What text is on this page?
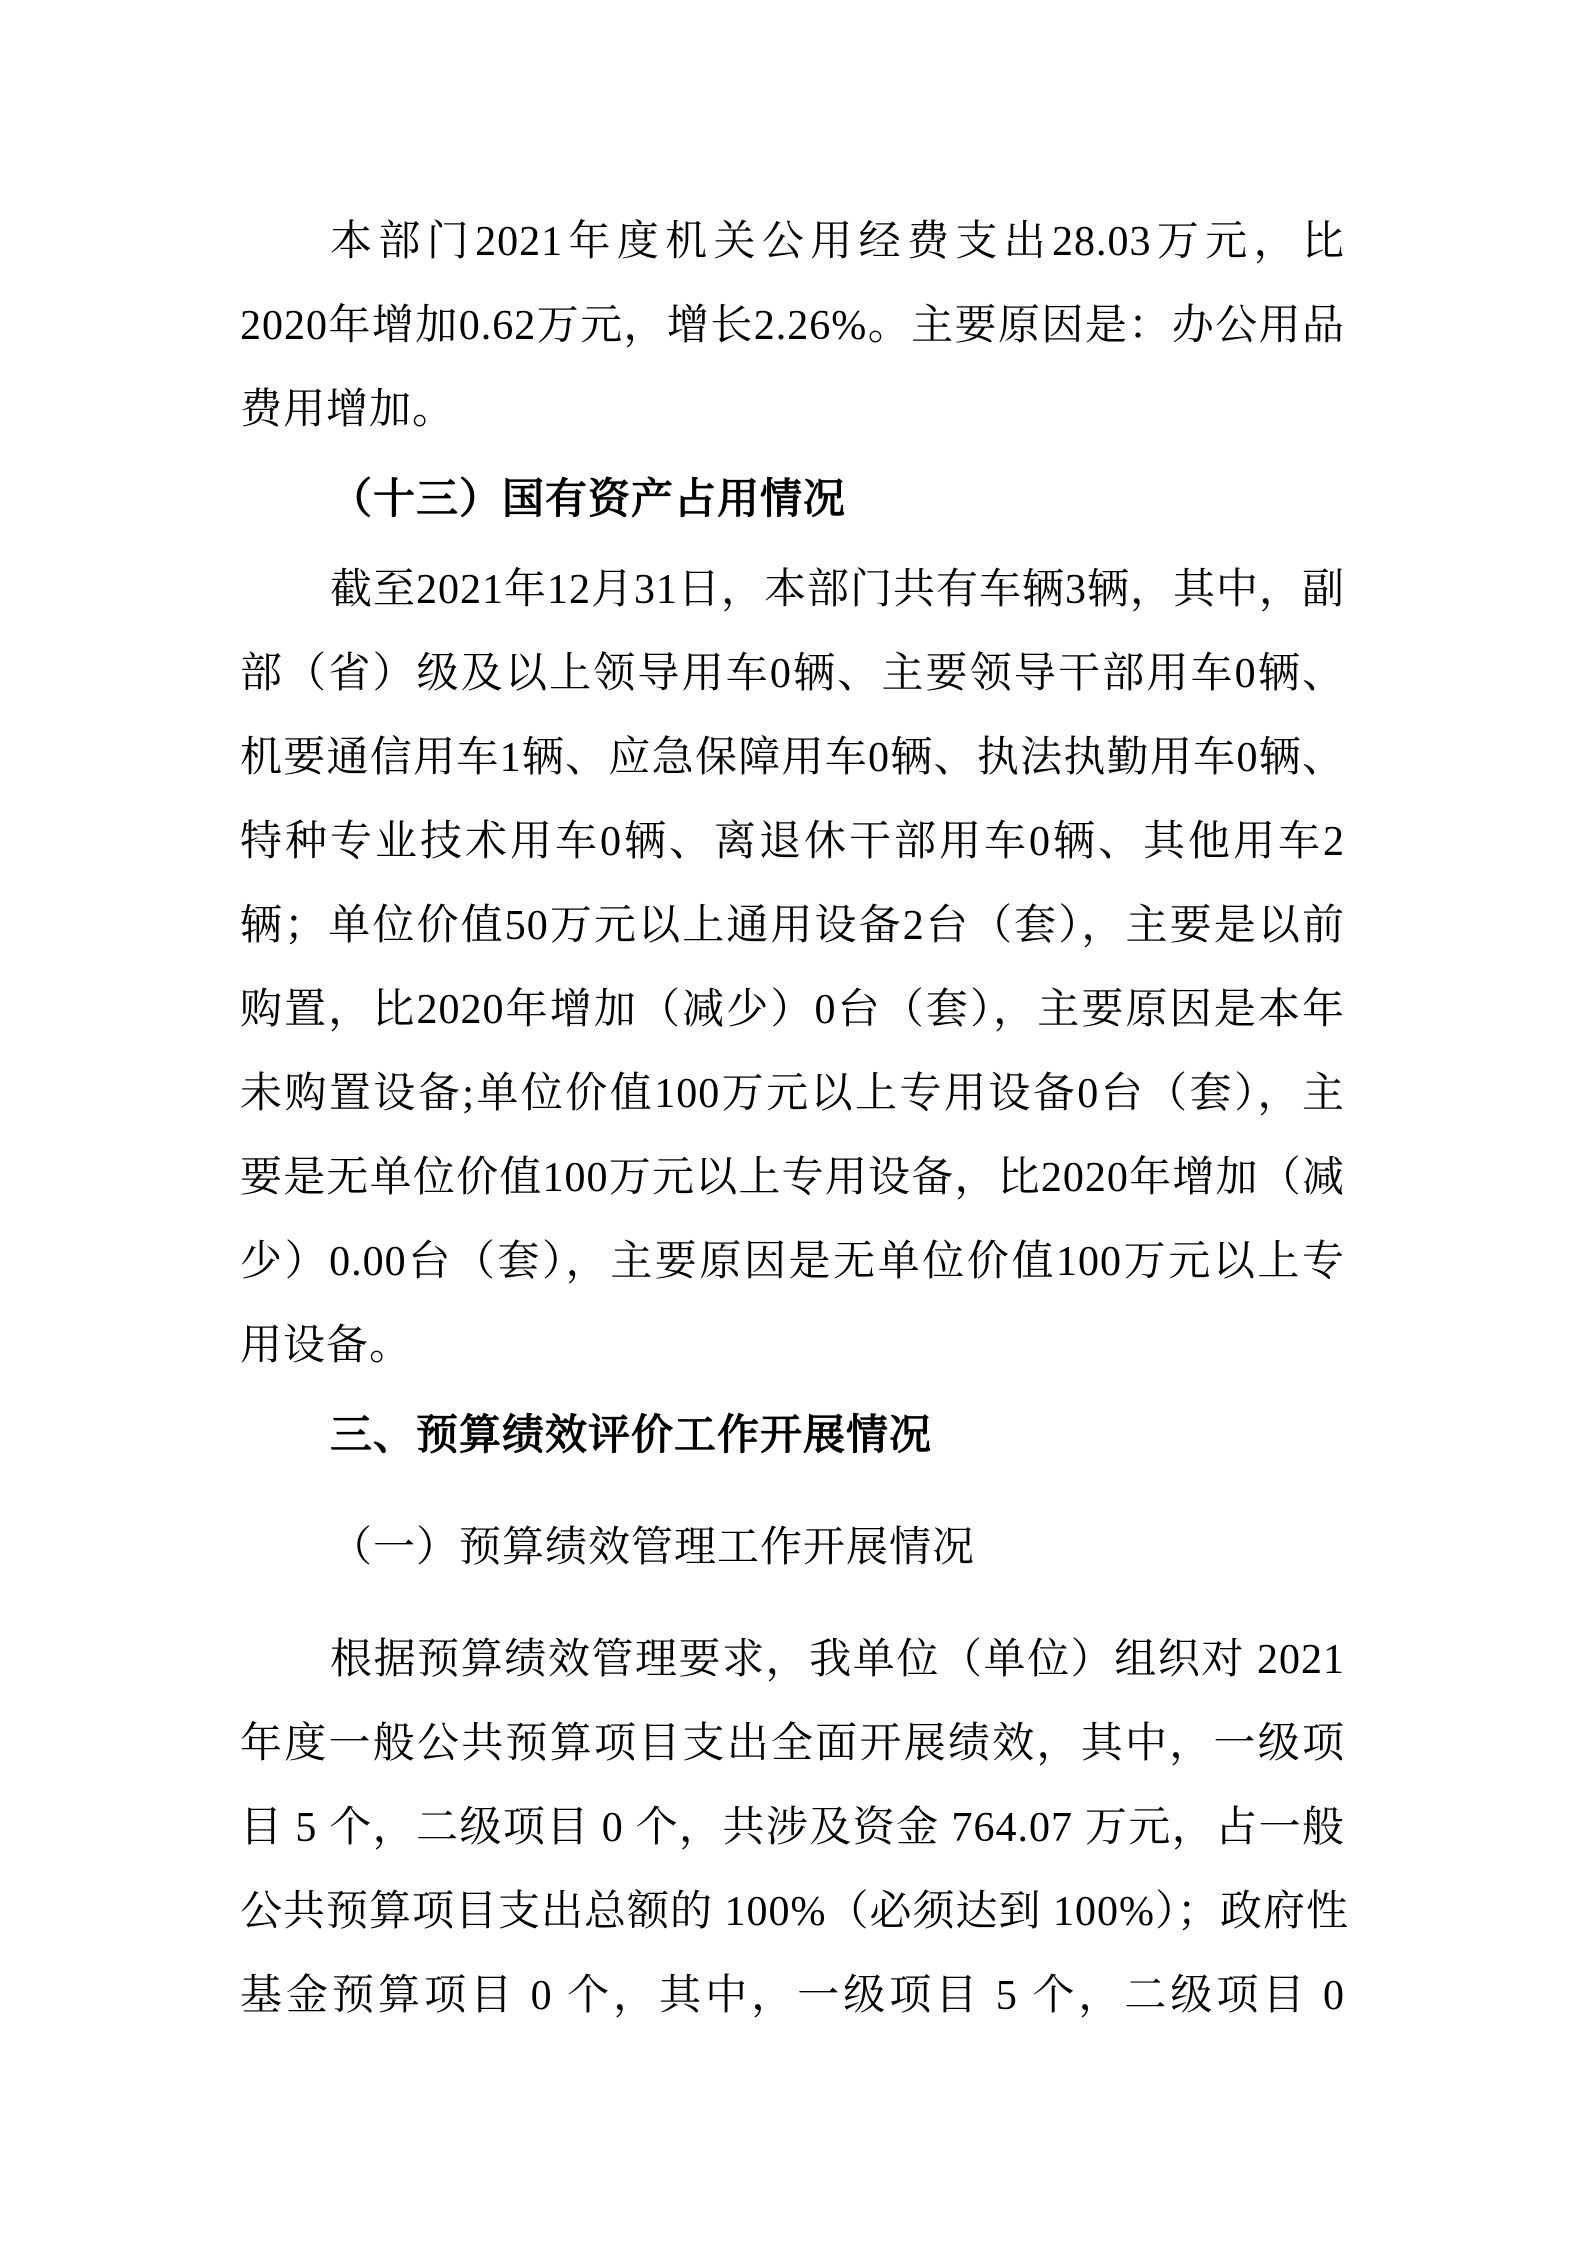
本部门2021年度机关公用经费支出28.03万元，比
2020年增加0.62万元，增长2.26%。主要原因是：办公用品
费用增加。
（十三）国有资产占用情况
截至2021年12月31日，本部门共有车辆3辆，其中，副
部（省）级及以上领导用车0辆、主要领导干部用车0辆、
机要通信用车1辆、应急保障用车0辆、执法执勤用车0辆、
特种专业技术用车0辆、离退休干部用车0辆、其他用车2
辆；单位价值50万元以上通用设备2台（套），主要是以前
购置，比2020年增加（减少）0台（套），主要原因是本年
未购置设备;单位价值100万元以上专用设备0台（套），主
要是无单位价值100万元以上专用设备，比2020年增加（减
少）0.00台（套），主要原因是无单位价值100万元以上专
用设备。
三、预算绩效评价工作开展情况
（一）预算绩效管理工作开展情况
根据预算绩效管理要求，我单位（单位）组织对 2021
年度一般公共预算项目支出全面开展绩效，其中，一级项
目 5 个，二级项目 0 个，共涉及资金 764.07 万元，占一般
公共预算项目支出总额的 100%（必须达到 100%）；政府性
基金预算项目 0 个，其中，一级项目 5 个，二级项目 0
